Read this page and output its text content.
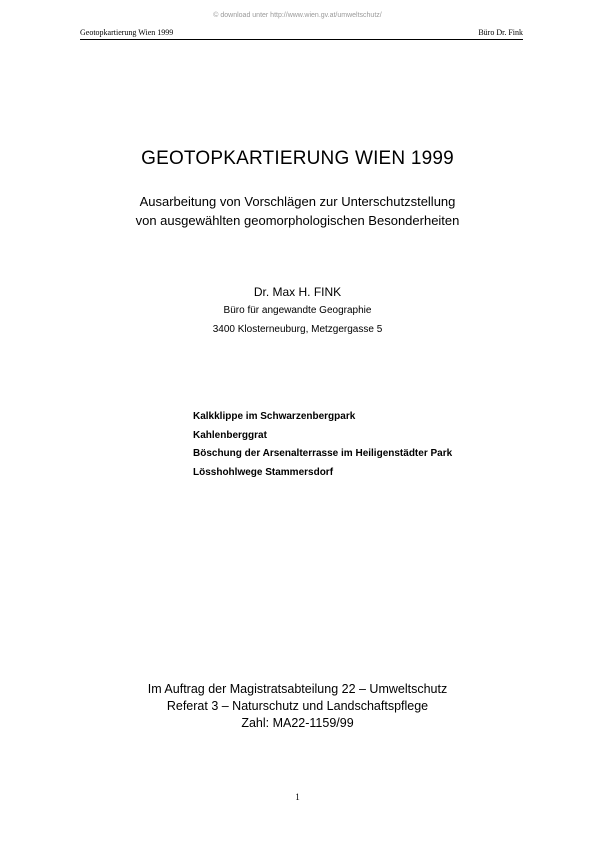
© download unter http://www.wien.gv.at/umweltschutz/
Geotopkartierung Wien 1999	Büro Dr. Fink
GEOTOPKARTIERUNG WIEN 1999
Ausarbeitung von Vorschlägen zur Unterschutzstellung
von ausgewählten geomorphologischen Besonderheiten
Dr. Max H. FINK
Büro für angewandte Geographie
3400 Klosterneuburg, Metzgergasse 5
Kalkklippe im Schwarzenbergpark
Kahlenberggrat
Böschung der Arsenalterrasse im Heiligenstädter Park
Lösshohlwege Stammersdorf
Im Auftrag der Magistratsabteilung 22 – Umweltschutz
Referat 3 – Naturschutz und Landschaftspflege
Zahl: MA22-1159/99
1
